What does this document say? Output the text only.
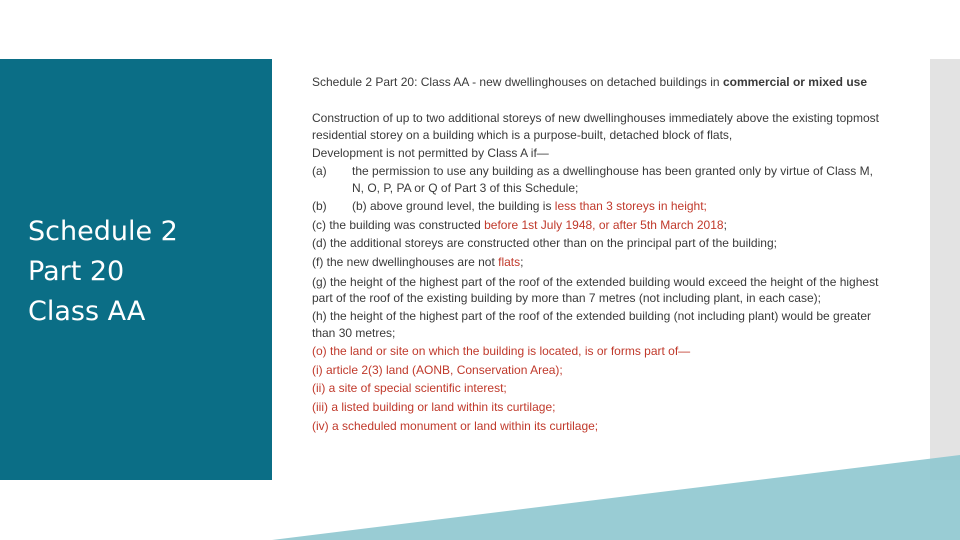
Schedule 2
Part 20
Class AA

Schedule 2 Part 20: Class AA - new dwellinghouses on detached buildings in commercial or mixed use

Construction of up to two additional storeys of new dwellinghouses immediately above the existing topmost residential storey on a building which is a purpose-built, detached block of flats,

Development is not permitted by Class A if—

(a)	the permission to use any building as a dwellinghouse has been granted only by virtue of Class M, N, O, P, PA or Q of Part 3 of this Schedule;
(b)	(b) above ground level, the building is less than 3 storeys in height;

(c) the building was constructed before 1st July 1948, or after 5th March 2018;

(d) the additional storeys are constructed other than on the principal part of the building;

(f) the new dwellinghouses are not flats;

(g) the height of the highest part of the roof of the extended building would exceed the height of the highest part of the roof of the existing building by more than 7 metres (not including plant, in each case);

(h) the height of the highest part of the roof of the extended building (not including plant) would be greater than 30 metres;

(o) the land or site on which the building is located, is or forms part of—

(i) article 2(3) land (AONB, Conservation Area);

(ii) a site of special scientific interest;

(iii) a listed building or land within its curtilage;

(iv) a scheduled monument or land within its curtilage;
